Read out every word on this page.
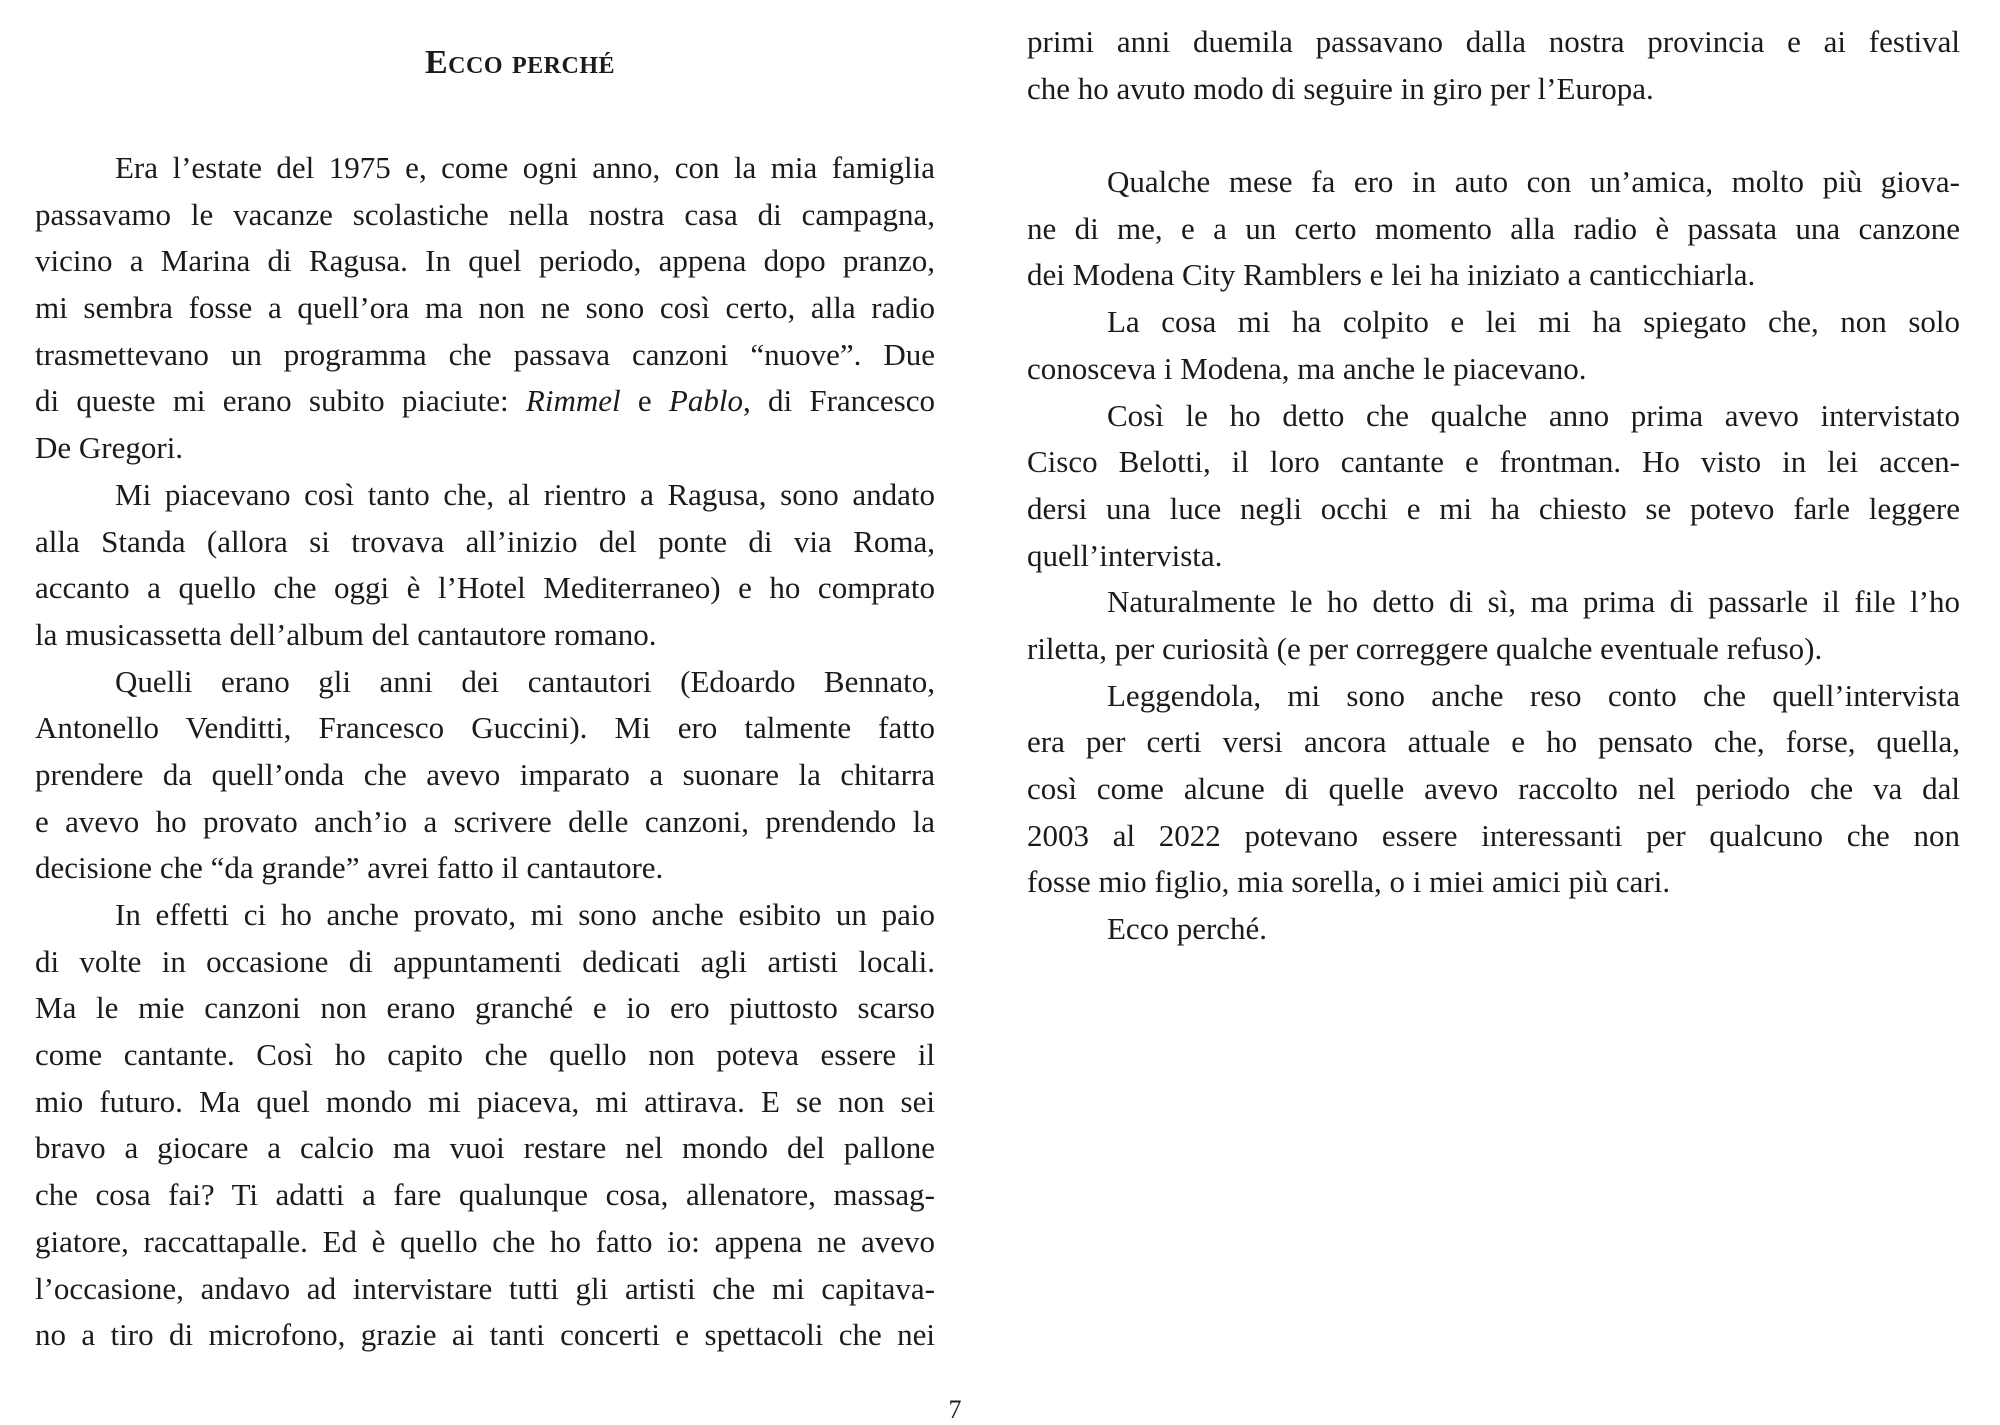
Ecco perché
Era l’estate del 1975 e, come ogni anno, con la mia famiglia
passavamo le vacanze scolastiche nella nostra casa di campagna,
vicino a Marina di Ragusa. In quel periodo, appena dopo pranzo,
mi sembra fosse a quell’ora ma non ne sono così certo, alla radio
trasmettevano un programma che passava canzoni “nuove”. Due
di queste mi erano subito piaciute: Rimmel e Pablo, di Francesco
De Gregori.
Mi piacevano così tanto che, al rientro a Ragusa, sono andato
alla Standa (allora si trovava all’inizio del ponte di via Roma,
accanto a quello che oggi è l’Hotel Mediterraneo) e ho comprato
la musicassetta dell’album del cantautore romano.
Quelli erano gli anni dei cantautori (Edoardo Bennato,
Antonello Venditti, Francesco Guccini). Mi ero talmente fatto
prendere da quell’onda che avevo imparato a suonare la chitarra
e avevo ho provato anch’io a scrivere delle canzoni, prendendo la
decisione che “da grande” avrei fatto il cantautore.
In effetti ci ho anche provato, mi sono anche esibito un paio
di volte in occasione di appuntamenti dedicati agli artisti locali.
Ma le mie canzoni non erano granché e io ero piuttosto scarso
come cantante. Così ho capito che quello non poteva essere il
mio futuro. Ma quel mondo mi piaceva, mi attirava. E se non sei
bravo a giocare a calcio ma vuoi restare nel mondo del pallone
che cosa fai? Ti adatti a fare qualunque cosa, allenatore, massag-
giatore, raccattapalle. Ed è quello che ho fatto io: appena ne avevo
l’occasione, andavo ad intervistare tutti gli artisti che mi capitava-
no a tiro di microfono, grazie ai tanti concerti e spettacoli che nei
7
primi anni duemila passavano dalla nostra provincia e ai festival
che ho avuto modo di seguire in giro per l’Europa.
Qualche mese fa ero in auto con un’amica, molto più giova-
ne di me, e a un certo momento alla radio è passata una canzone
dei Modena City Ramblers e lei ha iniziato a canticchiarla.
La cosa mi ha colpito e lei mi ha spiegato che, non solo
conosceva i Modena, ma anche le piacevano.
Così le ho detto che qualche anno prima avevo intervistato
Cisco Belotti, il loro cantante e frontman. Ho visto in lei accen-
dersi una luce negli occhi e mi ha chiesto se potevo farle leggere
quell’intervista.
Naturalmente le ho detto di sì, ma prima di passarle il file l’ho
riletta, per curiosità (e per correggere qualche eventuale refuso).
Leggendola, mi sono anche reso conto che quell’intervista
era per certi versi ancora attuale e ho pensato che, forse, quella,
così come alcune di quelle avevo raccolto nel periodo che va dal
2003 al 2022 potevano essere interessanti per qualcuno che non
fosse mio figlio, mia sorella, o i miei amici più cari.
Ecco perché.
